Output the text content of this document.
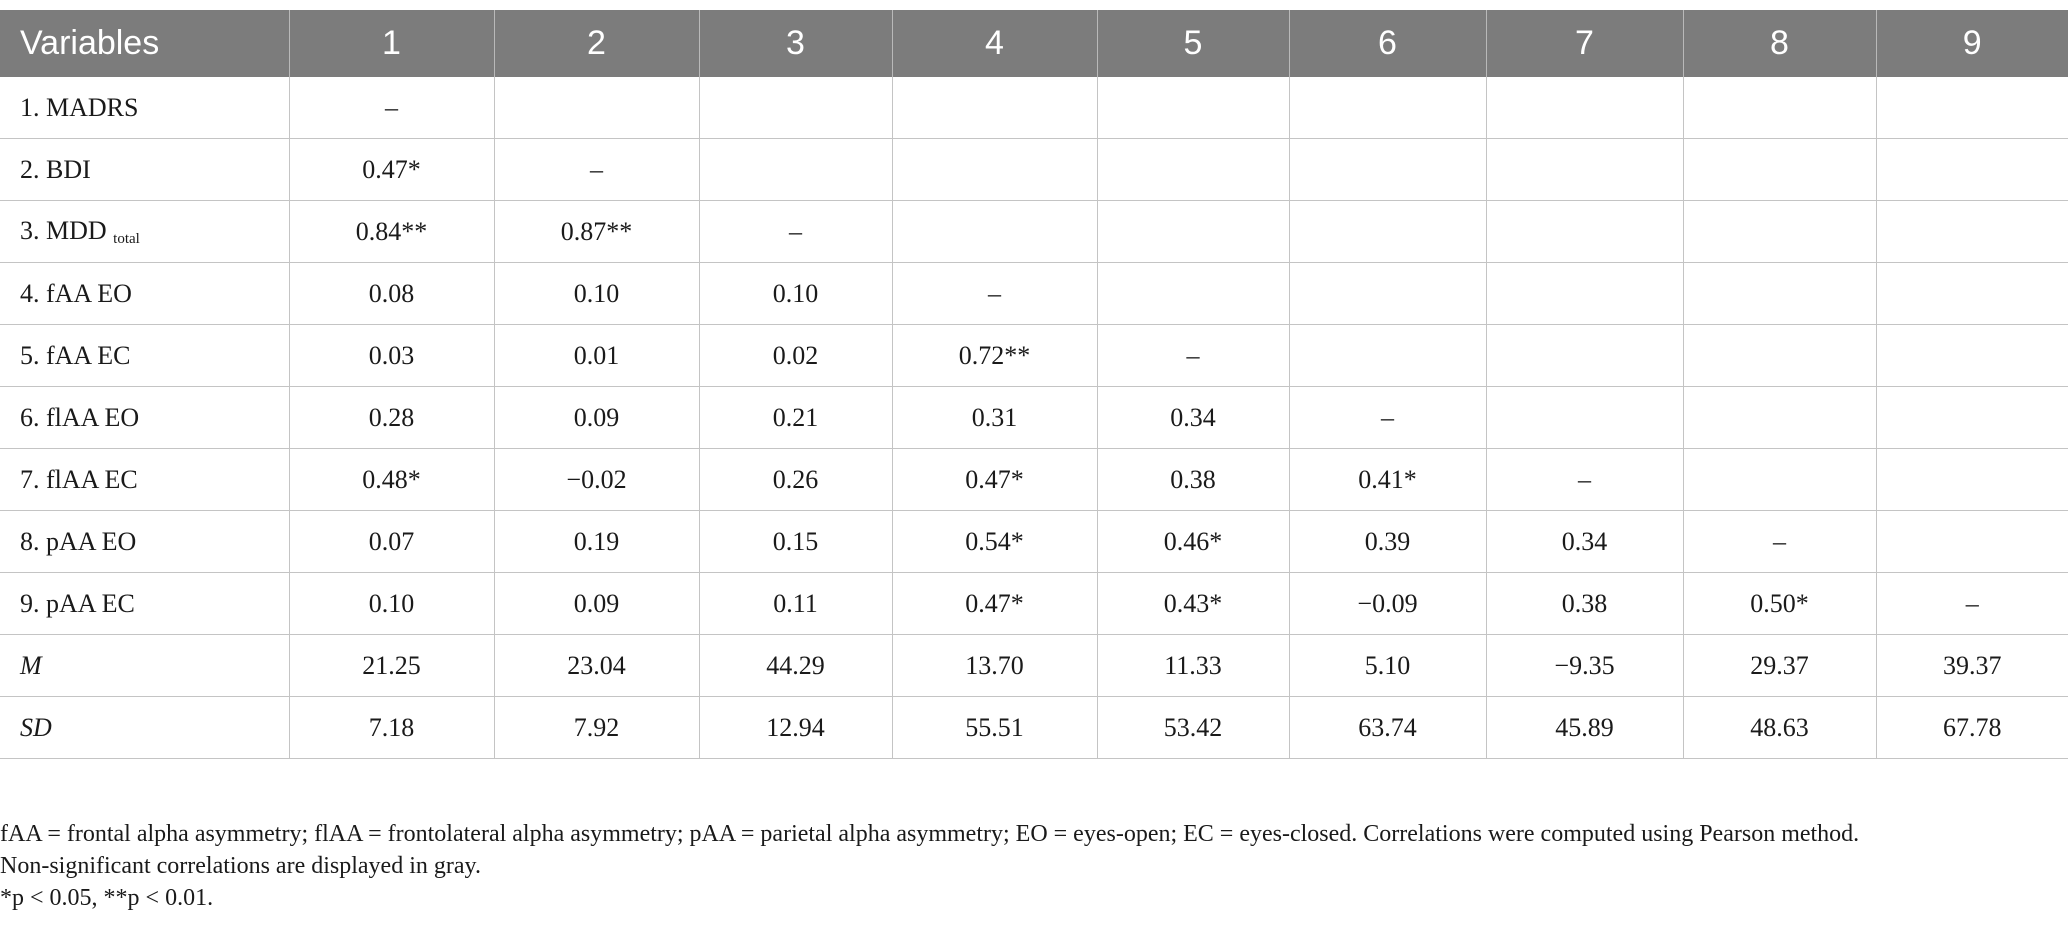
Variables	1	2	3	4	5	6	7	8	9
1. MADRS	–								
2. BDI	0.47*	–							
3. MDD $_{total}$	0.84**	0.87**	–						
4. fAA EO	0.08	0.10	0.10	–					
5. fAA EC	0.03	0.01	0.02	0.72**	–				
6. flAA EO	0.28	0.09	0.21	0.31	0.34	–			
7. flAA EC	0.48*	−0.02	0.26	0.47*	0.38	0.41*	–		
8. pAA EO	0.07	0.19	0.15	0.54*	0.46*	0.39	0.34	–	
9. pAA EC	0.10	0.09	0.11	0.47*	0.43*	−0.09	0.38	0.50*	–
M	21.25	23.04	44.29	13.70	11.33	5.10	−9.35	29.37	39.37
SD	7.18	7.92	12.94	55.51	53.42	63.74	45.89	48.63	67.78
fAA = frontal alpha asymmetry; flAA = frontolateral alpha asymmetry; pAA = parietal alpha asymmetry; EO = eyes-open; EC = eyes-closed. Correlations were computed using Pearson method.
Non-significant correlations are displayed in gray.
*p < 0.05, **p < 0.01.
